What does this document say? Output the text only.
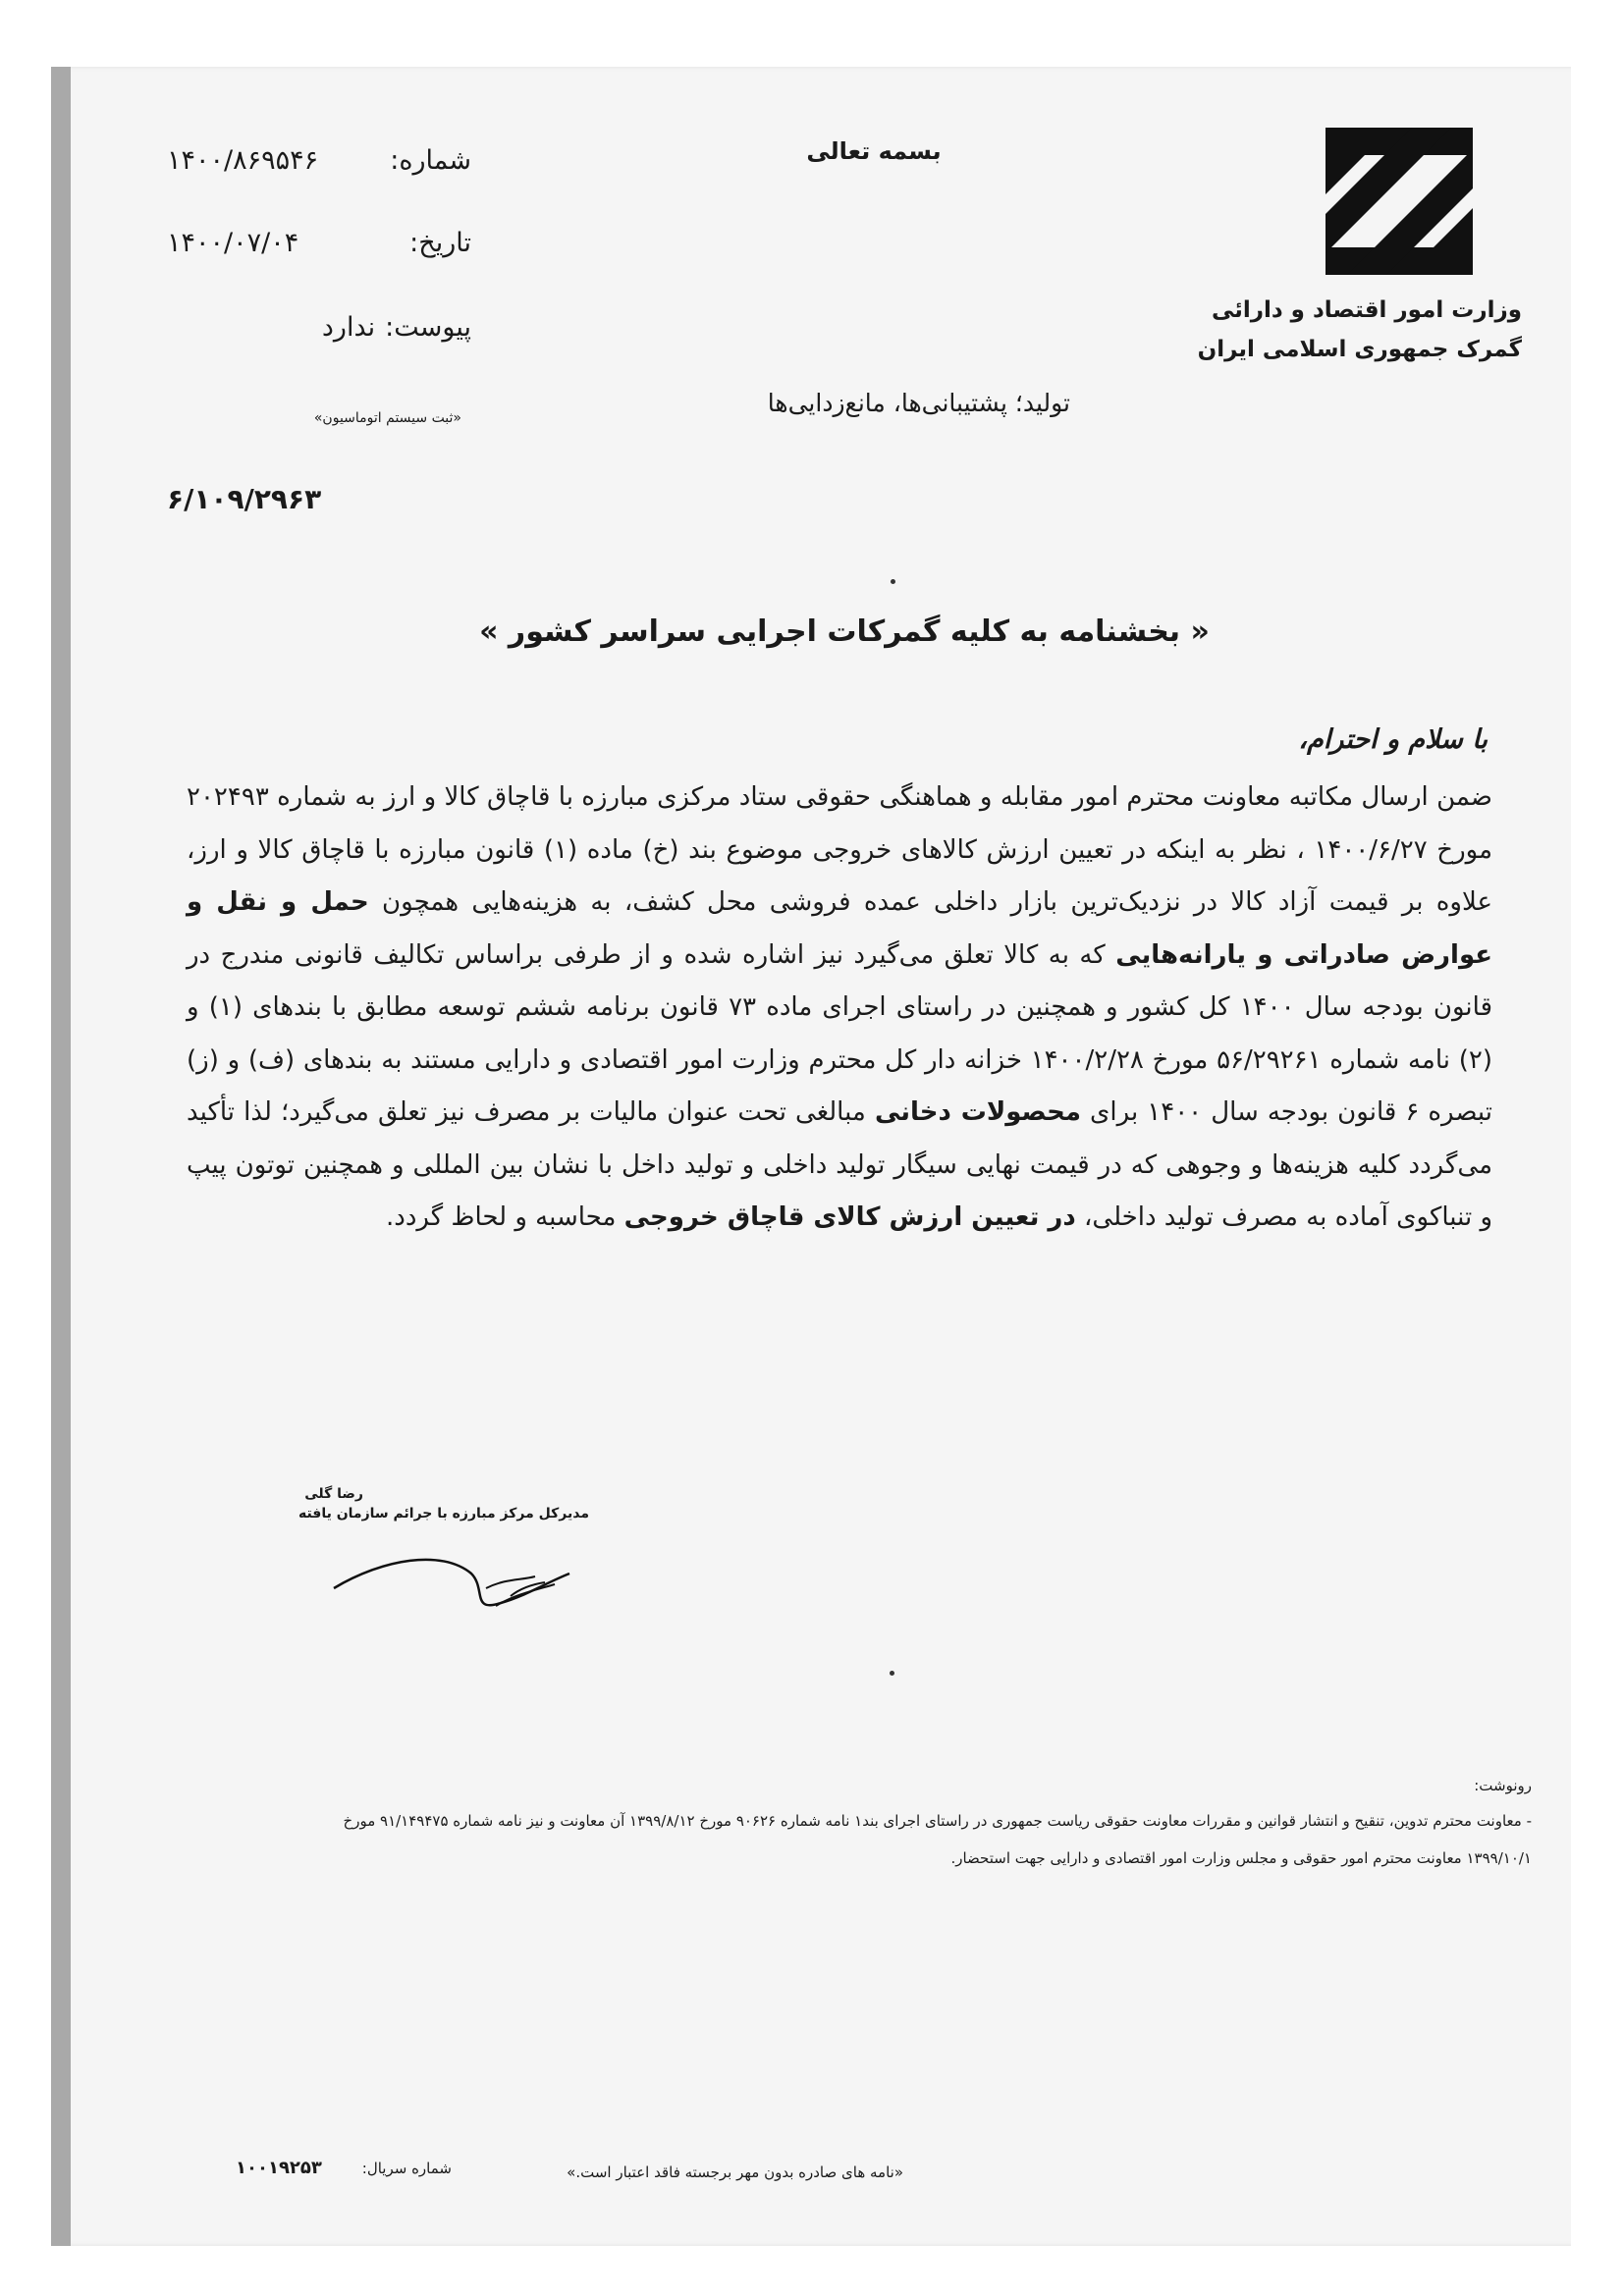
وزارت امور اقتصاد و دارائی
گمرک جمهوری اسلامی ایران
بسمه تعالی
۱۴۰۰/۸۶۹۵۴۶	شماره:
۱۴۰۰/۰۷/۰۴	تاریخ:
ندارد پیوست:
«ثبت سیستم اتوماسیون»
تولید؛ پشتیبانی‌ها، مانع‌زدایی‌ها
۶/۱۰۹/۲۹۶۳
« بخشنامه به کلیه گمرکات اجرایی سراسر کشور »
با سلام و احترام،
ضمن ارسال مکاتبه معاونت محترم امور مقابله و هماهنگی حقوقی ستاد مرکزی مبارزه با قاچاق کالا و ارز به شماره ۲۰۲۴۹۳ مورخ ۱۴۰۰/۶/۲۷ ، نظر به اینکه در تعیین ارزش کالاهای خروجی موضوع بند (خ) ماده (۱) قانون مبارزه با قاچاق کالا و ارز، علاوه بر قیمت آزاد کالا در نزدیک‌ترین بازار داخلی عمده فروشی محل کشف، به هزینه‌هایی همچون حمل و نقل و عوارض صادراتی و یارانه‌هایی که به کالا تعلق می‌گیرد نیز اشاره شده و از طرفی براساس تکالیف قانونی مندرج در قانون بودجه سال ۱۴۰۰ کل کشور و همچنین در راستای اجرای ماده ۷۳ قانون برنامه ششم توسعه مطابق با بندهای (۱) و (۲) نامه شماره ۵۶/۲۹۲۶۱ مورخ ۱۴۰۰/۲/۲۸ خزانه دار کل محترم وزارت امور اقتصادی و دارایی مستند به بندهای (ف) و (ز) تبصره ۶ قانون بودجه سال ۱۴۰۰ برای محصولات دخانی مبالغی تحت عنوان مالیات بر مصرف نیز تعلق می‌گیرد؛ لذا تأکید می‌گردد کلیه هزینه‌ها و وجوهی که در قیمت نهایی سیگار تولید داخلی و تولید داخل با نشان بین المللی و همچنین توتون پیپ و تنباکوی آماده به مصرف تولید داخلی، در تعیین ارزش کالای قاچاق خروجی محاسبه و لحاظ گردد.
رضا گلی
مدیرکل مرکز مبارزه با جرائم سازمان یافته
رونوشت:
- معاونت محترم تدوین، تنقیح و انتشار قوانین و مقررات معاونت حقوقی ریاست جمهوری در راستای اجرای بند۱ نامه شماره ۹۰۶۲۶ مورخ ۱۳۹۹/۸/۱۲ آن معاونت و نیز نامه شماره ۹۱/۱۴۹۴۷۵ مورخ
۱۳۹۹/۱۰/۱ معاونت محترم امور حقوقی و مجلس وزارت امور اقتصادی و دارایی جهت استحضار.
«نامه های صادره بدون مهر برجسته فاقد اعتبار است.»
شماره سریال:
۱۰۰۱۹۲۵۳
